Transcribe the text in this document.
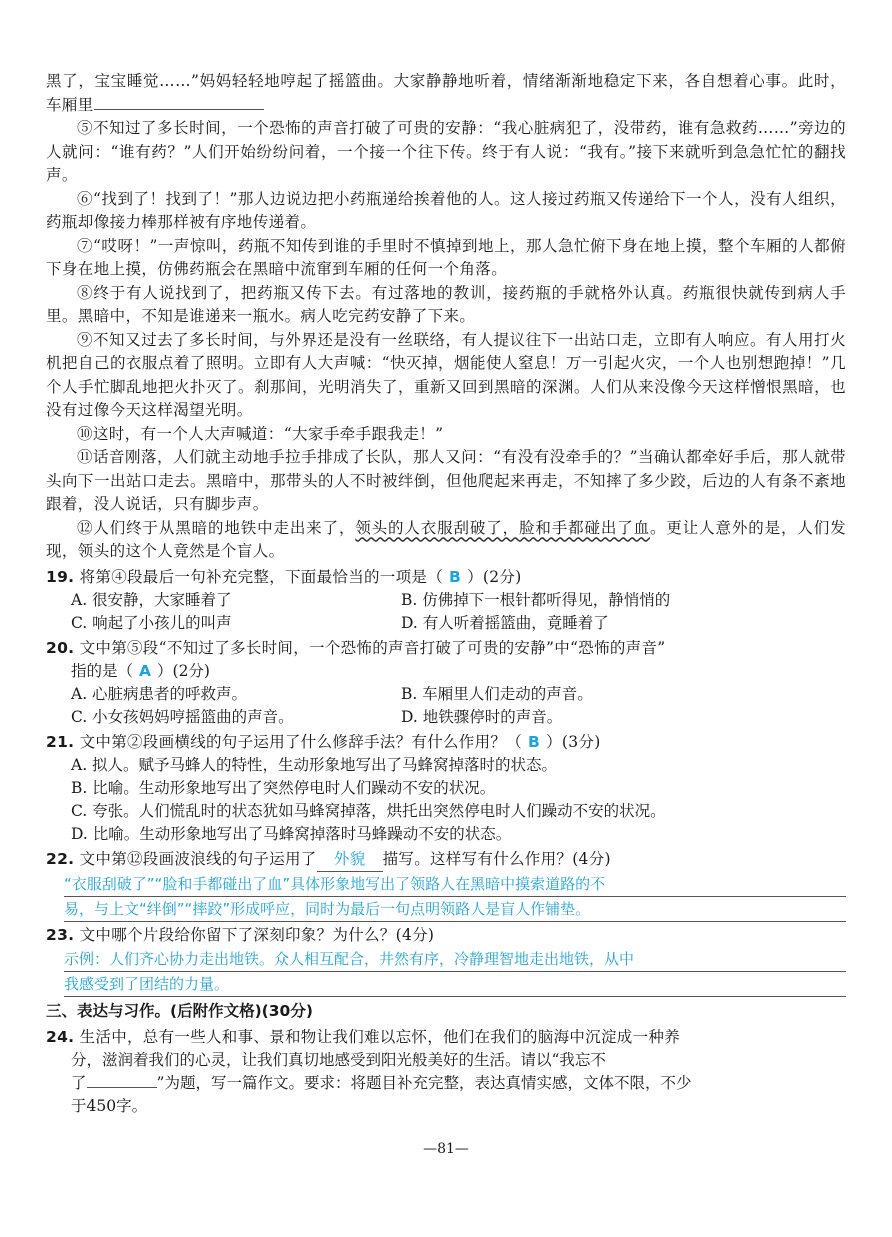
黑了，宝宝睡觉……”妈妈轻轻地哼起了摇篮曲。大家静静地听着，情绪渐渐地稳定下来，各自想着心事。此时，车厢里

⑤不知过了多长时间，一个恐怖的声音打破了可贵的安静：“我心脏病犯了，没带药，谁有急救药……”旁边的人就问：“谁有药？”人们开始纷纷问着，一个接一个往下传。终于有人说：“我有。”接下来就听到急急忙忙的翻找声。

⑥“找到了！找到了！”那人边说边把小药瓶递给挨着他的人。这人接过药瓶又传递给下一个人，没有人组织，药瓶却像接力棒那样被有序地传递着。

⑦“哎呀！”一声惊叫，药瓶不知传到谁的手里时不慎掉到地上，那人急忙俯下身在地上摸，整个车厢的人都俯下身在地上摸，仿佛药瓶会在黑暗中流窜到车厢的任何一个角落。

⑧终于有人说找到了，把药瓶又传下去。有过落地的教训，接药瓶的手就格外认真。药瓶很快就传到病人手里。黑暗中，不知是谁递来一瓶水。病人吃完药安静了下来。

⑨不知又过去了多长时间，与外界还是没有一丝联络，有人提议往下一出站口走，立即有人响应。有人用打火机把自己的衣服点着了照明。立即有人大声喊：“快灭掉，烟能使人窒息！万一引起火灾，一个人也别想跑掉！”几个人手忙脚乱地把火扑灭了。刹那间，光明消失了，重新又回到黑暗的深渊。人们从来没像今天这样憎恨黑暗，也没有过像今天这样渴望光明。

⑩这时，有一个人大声喊道：“大家手牵手跟我走！”

⑪话音刚落，人们就主动地手拉手排成了长队，那人又问：“有没有没牵手的？”当确认都牵好手后，那人就带头向下一出站口走去。黑暗中，那带头的人不时被绊倒，但他爬起来再走，不知摔了多少跤，后边的人有条不紊地跟着，没人说话，只有脚步声。

⑫人们终于从黑暗的地铁中走出来了，领头的人衣服刮破了，脸和手都碰出了血。更让人意外的是，人们发现，领头的这个人竟然是个盲人。

19. 将第④段最后一句补充完整，下面最恰当的一项是（ B ）(2分)
A. 很安静，大家睡着了	B. 仿佛掉下一根针都听得见，静悄悄的
C. 响起了小孩儿的叫声	D. 有人听着摇篮曲，竟睡着了
20. 文中第⑤段“不知过了多长时间，一个恐怖的声音打破了可贵的安静”中“恐怖的声音”
指的是（ A ）(2分)
A. 心脏病患者的呼救声。	B. 车厢里人们走动的声音。
C. 小女孩妈妈哼摇篮曲的声音。	D. 地铁骤停时的声音。
21. 文中第②段画横线的句子运用了什么修辞手法？有什么作用？（ B ）(3分)
A. 拟人。赋予马蜂人的特性，生动形象地写出了马蜂窝掉落时的状态。
B. 比喻。生动形象地写出了突然停电时人们躁动不安的状况。
C. 夸张。人们慌乱时的状态犹如马蜂窝掉落，烘托出突然停电时人们躁动不安的状况。
D. 比喻。生动形象地写出了马蜂窝掉落时马蜂躁动不安的状态。
22. 文中第⑫段画波浪线的句子运用了 外貌 描写。这样写有什么作用？(4分)
“衣服刮破了”“脸和手都碰出了血”具体形象地写出了领路人在黑暗中摸索道路的不
易，与上文“绊倒”“摔跤”形成呼应，同时为最后一句点明领路人是盲人作铺垫。
23. 文中哪个片段给你留下了深刻印象？为什么？(4分)
示例：人们齐心协力走出地铁。众人相互配合，井然有序，冷静理智地走出地铁，从中
我感受到了团结的力量。
三、表达与习作。(后附作文格)(30分)
24. 生活中，总有一些人和事、景和物让我们难以忘怀，他们在我们的脑海中沉淀成一种养
分，滋润着我们的心灵，让我们真切地感受到阳光般美好的生活。请以“我忘不
了	”为题，写一篇作文。要求：将题目补充完整，表达真情实感，文体不限，不少
于450字。
—81—
